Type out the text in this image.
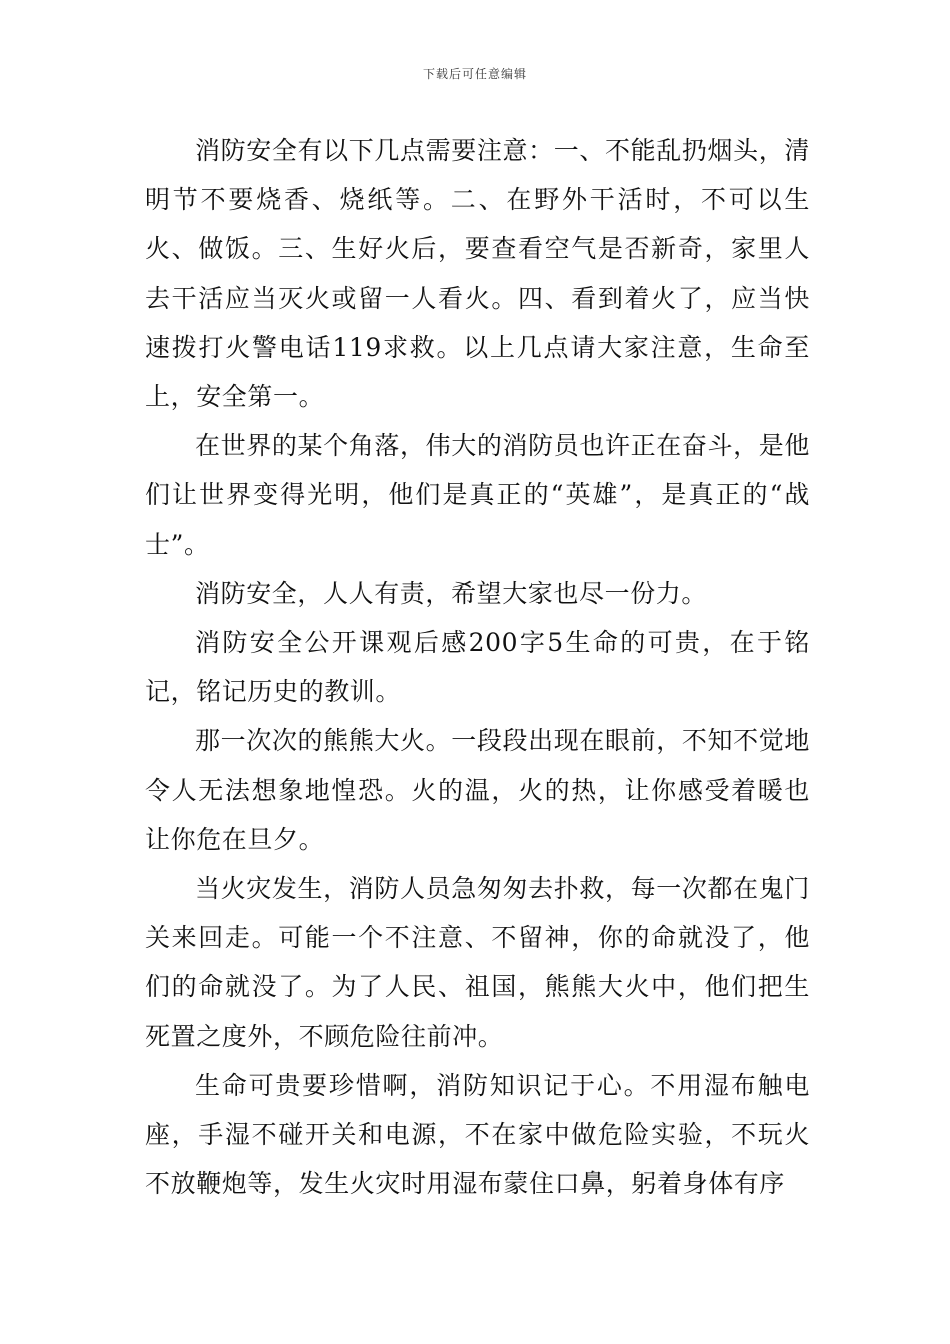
下载后可任意编辑

消防安全有以下几点需要注意：一、不能乱扔烟头，清明节不要烧香、烧纸等。二、在野外干活时，不可以生火、做饭。三、生好火后，要查看空气是否新奇，家里人去干活应当灭火或留一人看火。四、看到着火了，应当快速拨打火警电话119求救。以上几点请大家注意，生命至上，安全第一。

在世界的某个角落，伟大的消防员也许正在奋斗，是他们让世界变得光明，他们是真正的“英雄”，是真正的“战士”。

消防安全，人人有责，希望大家也尽一份力。

消防安全公开课观后感200字5生命的可贵，在于铭记，铭记历史的教训。

那一次次的熊熊大火。一段段出现在眼前，不知不觉地令人无法想象地惶恐。火的温，火的热，让你感受着暖也让你危在旦夕。

当火灾发生，消防人员急匆匆去扑救，每一次都在鬼门关来回走。可能一个不注意、不留神，你的命就没了，他们的命就没了。为了人民、祖国，熊熊大火中，他们把生死置之度外，不顾危险往前冲。

生命可贵要珍惜啊，消防知识记于心。不用湿布触电座，手湿不碰开关和电源，不在家中做危险实验，不玩火不放鞭炮等，发生火灾时用湿布蒙住口鼻，躬着身体有序
